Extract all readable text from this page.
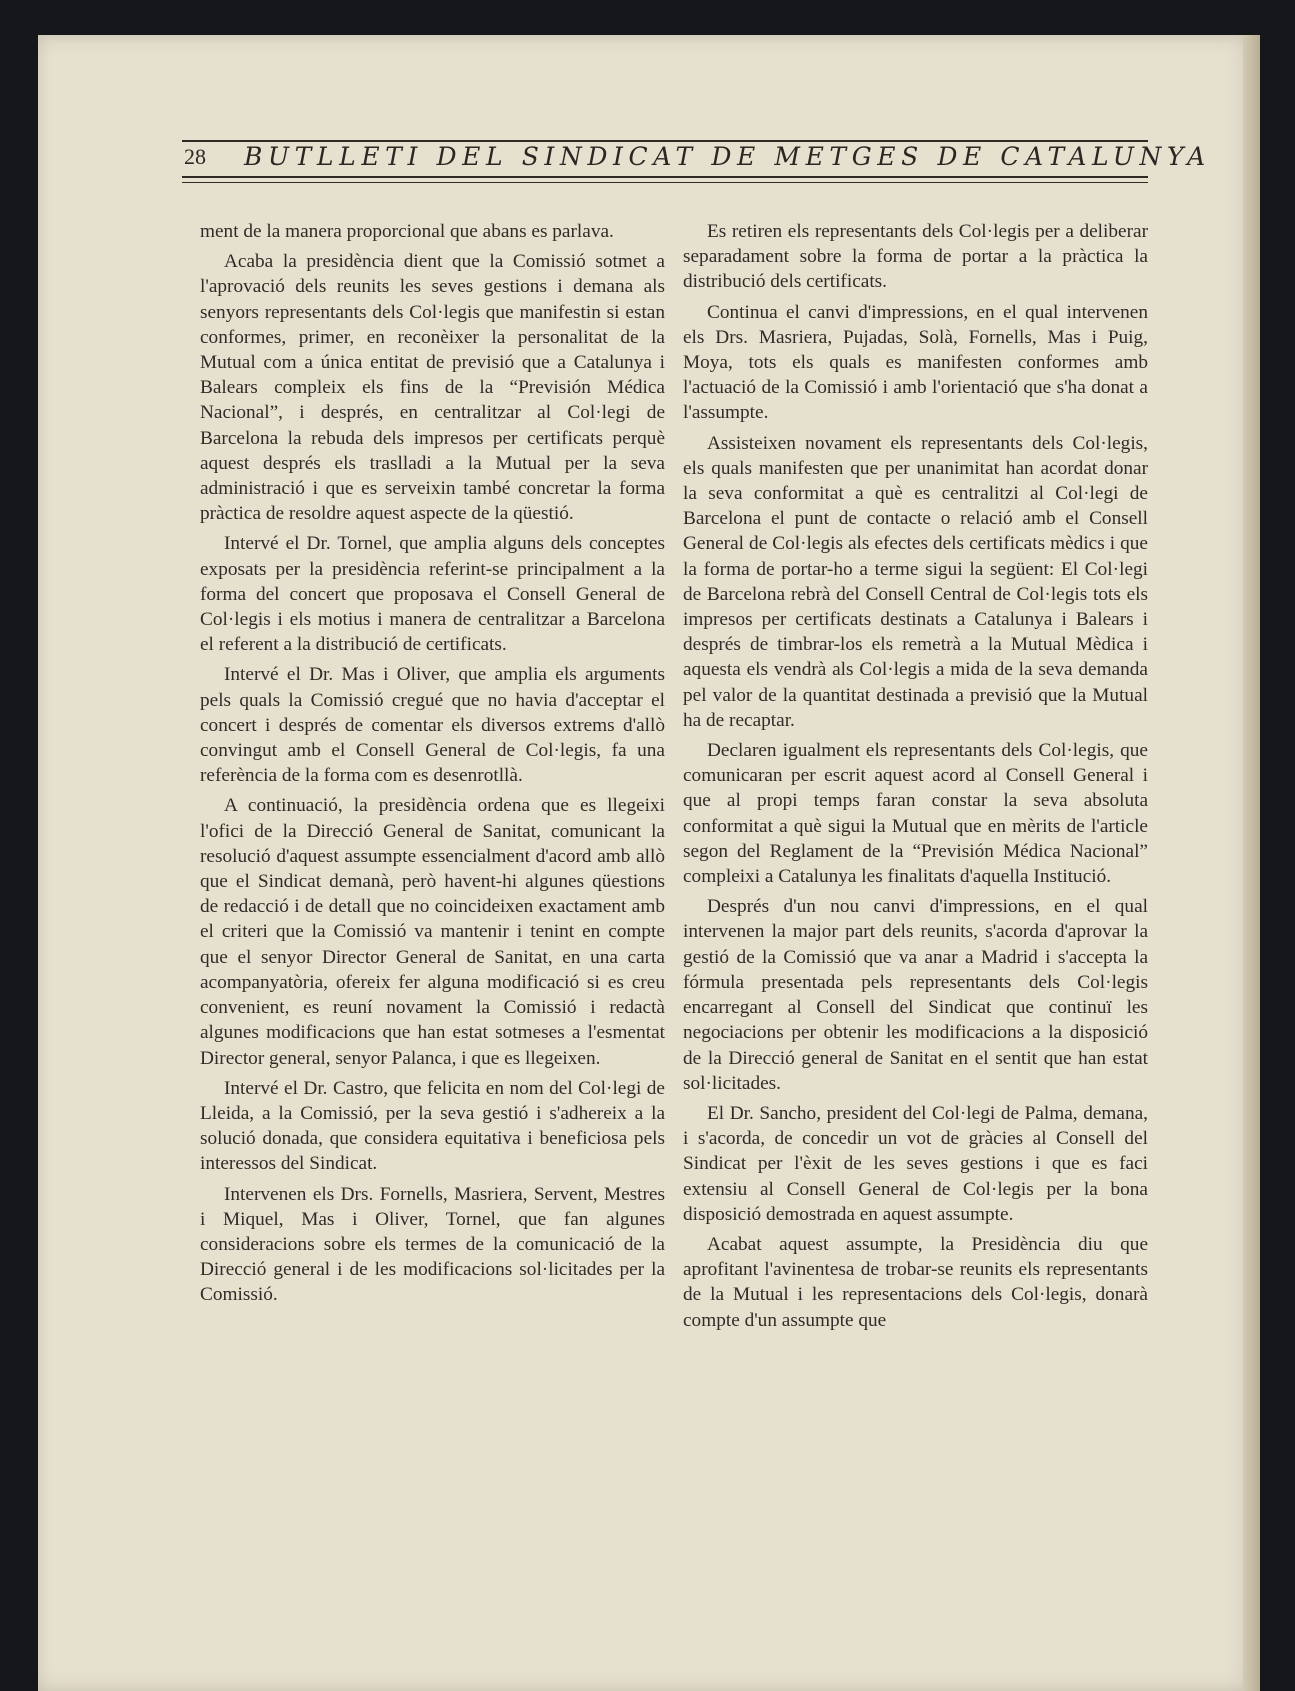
28 BUTLLETI DEL SINDICAT DE METGES DE CATALUNYA

ment de la manera proporcional que abans es parlava.

Acaba la presidència dient que la Comissió sotmet a l'aprovació dels reunits les seves gestions i demana als senyors representants dels Col·legis que manifestin si estan conformes, primer, en reconèixer la personalitat de la Mutual com a única entitat de previsió que a Catalunya i Balears compleix els fins de la “Previsión Médica Nacional”, i després, en centralitzar al Col·legi de Barcelona la rebuda dels impresos per certificats perquè aquest després els traslladi a la Mutual per la seva administració i que es serveixin també concretar la forma pràctica de resoldre aquest aspecte de la qüestió.

Intervé el Dr. Tornel, que amplia alguns dels conceptes exposats per la presidència referint-se principalment a la forma del concert que proposava el Consell General de Col·legis i els motius i manera de centralitzar a Barcelona el referent a la distribució de certificats.

Intervé el Dr. Mas i Oliver, que amplia els arguments pels quals la Comissió cregué que no havia d'acceptar el concert i després de comentar els diversos extrems d'allò convingut amb el Consell General de Col·legis, fa una referència de la forma com es desenrotllà.

A continuació, la presidència ordena que es llegeixi l'ofici de la Direcció General de Sanitat, comunicant la resolució d'aquest assumpte essencialment d'acord amb allò que el Sindicat demanà, però havent-hi algunes qüestions de redacció i de detall que no coincideixen exactament amb el criteri que la Comissió va mantenir i tenint en compte que el senyor Director General de Sanitat, en una carta acompanyatòria, ofereix fer alguna modificació si es creu convenient, es reuní novament la Comissió i redactà algunes modificacions que han estat sotmeses a l'esmentat Director general, senyor Palanca, i que es llegeixen.

Intervé el Dr. Castro, que felicita en nom del Col·legi de Lleida, a la Comissió, per la seva gestió i s'adhereix a la solució donada, que considera equitativa i beneficiosa pels interessos del Sindicat.

Intervenen els Drs. Fornells, Masriera, Servent, Mestres i Miquel, Mas i Oliver, Tornel, que fan algunes consideracions sobre els termes de la comunicació de la Direcció general i de les modificacions sol·licitades per la Comissió.

Es retiren els representants dels Col·legis per a deliberar separadament sobre la forma de portar a la pràctica la distribució dels certificats.

Continua el canvi d'impressions, en el qual intervenen els Drs. Masriera, Pujadas, Solà, Fornells, Mas i Puig, Moya, tots els quals es manifesten conformes amb l'actuació de la Comissió i amb l'orientació que s'ha donat a l'assumpte.

Assisteixen novament els representants dels Col·legis, els quals manifesten que per unanimitat han acordat donar la seva conformitat a què es centralitzi al Col·legi de Barcelona el punt de contacte o relació amb el Consell General de Col·legis als efectes dels certificats mèdics i que la forma de portar-ho a terme sigui la següent: El Col·legi de Barcelona rebrà del Consell Central de Col·legis tots els impresos per certificats destinats a Catalunya i Balears i després de timbrar-los els remetrà a la Mutual Mèdica i aquesta els vendrà als Col·legis a mida de la seva demanda pel valor de la quantitat destinada a previsió que la Mutual ha de recaptar.

Declaren igualment els representants dels Col·legis, que comunicaran per escrit aquest acord al Consell General i que al propi temps faran constar la seva absoluta conformitat a què sigui la Mutual que en mèrits de l'article segon del Reglament de la “Previsión Médica Nacional” compleixi a Catalunya les finalitats d'aquella Institució.

Després d'un nou canvi d'impressions, en el qual intervenen la major part dels reunits, s'acorda d'aprovar la gestió de la Comissió que va anar a Madrid i s'accepta la fórmula presentada pels representants dels Col·legis encarregant al Consell del Sindicat que continuï les negociacions per obtenir les modificacions a la disposició de la Direcció general de Sanitat en el sentit que han estat sol·licitades.

El Dr. Sancho, president del Col·legi de Palma, demana, i s'acorda, de concedir un vot de gràcies al Consell del Sindicat per l'èxit de les seves gestions i que es faci extensiu al Consell General de Col·legis per la bona disposició demostrada en aquest assumpte.

Acabat aquest assumpte, la Presidència diu que aprofitant l'avinentesa de trobar-se reunits els representants de la Mutual i les representacions dels Col·legis, donarà compte d'un assumpte que
